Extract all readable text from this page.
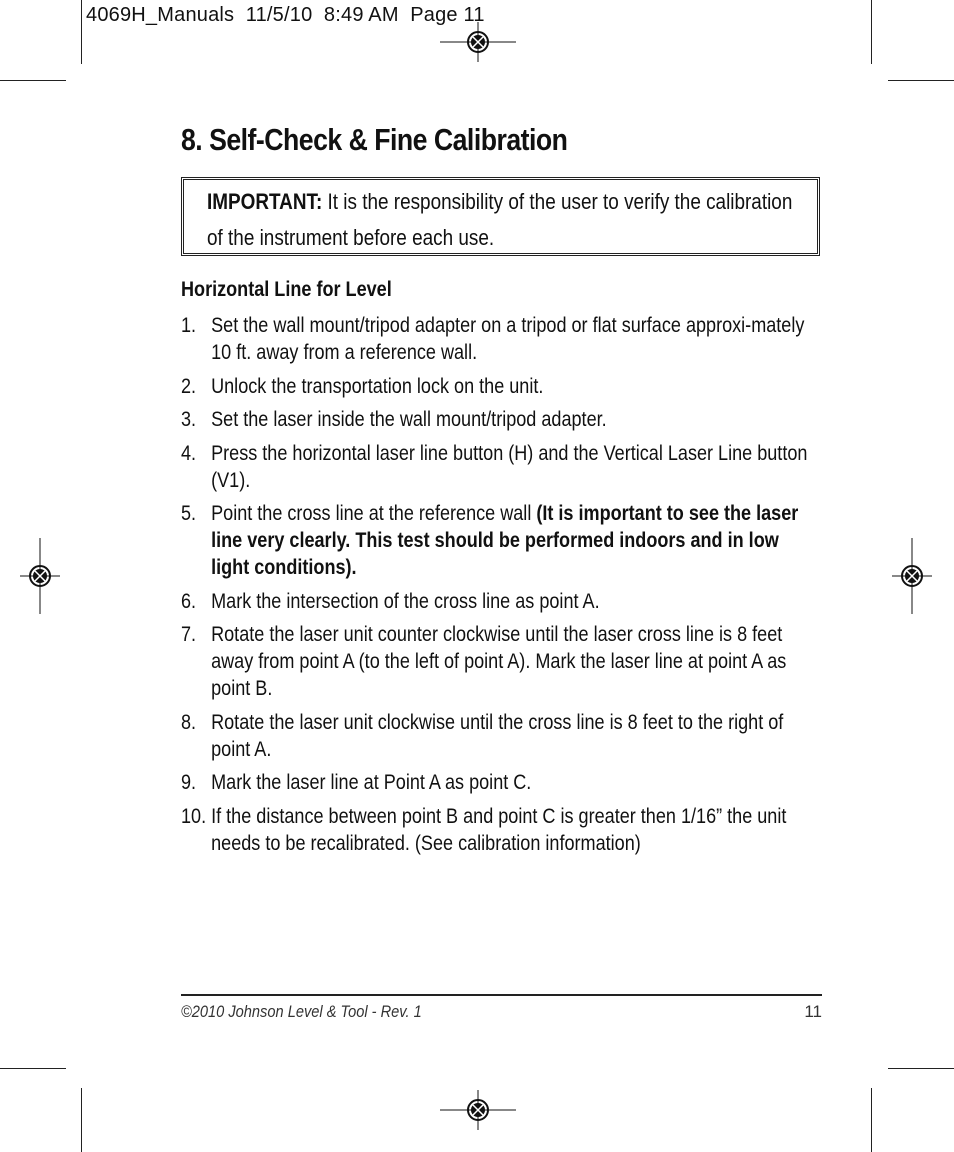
4069H_Manuals  11/5/10  8:49 AM  Page 11
8. Self-Check & Fine Calibration
IMPORTANT: It is the responsibility of the user to verify the calibration of the instrument before each use.
Horizontal Line for Level
1. Set the wall mount/tripod adapter on a tripod or flat surface approxi-mately 10 ft. away from a reference wall.
2. Unlock the transportation lock on the unit.
3. Set the laser inside the wall mount/tripod adapter.
4. Press the horizontal laser line button (H) and the Vertical Laser Line button (V1).
5. Point the cross line at the reference wall (It is important to see the laser line very clearly. This test should be performed indoors and in low light conditions).
6. Mark the intersection of the cross line as point A.
7. Rotate the laser unit counter clockwise until the laser cross line is 8 feet away from point A (to the left of point A). Mark the laser line at point A as point B.
8. Rotate the laser unit clockwise until the cross line is 8 feet to the right of point A.
9. Mark the laser line at Point A as point C.
10. If the distance between point B and point C is greater then 1/16” the unit needs to be recalibrated. (See calibration information)
©2010 Johnson Level & Tool - Rev. 1	11
